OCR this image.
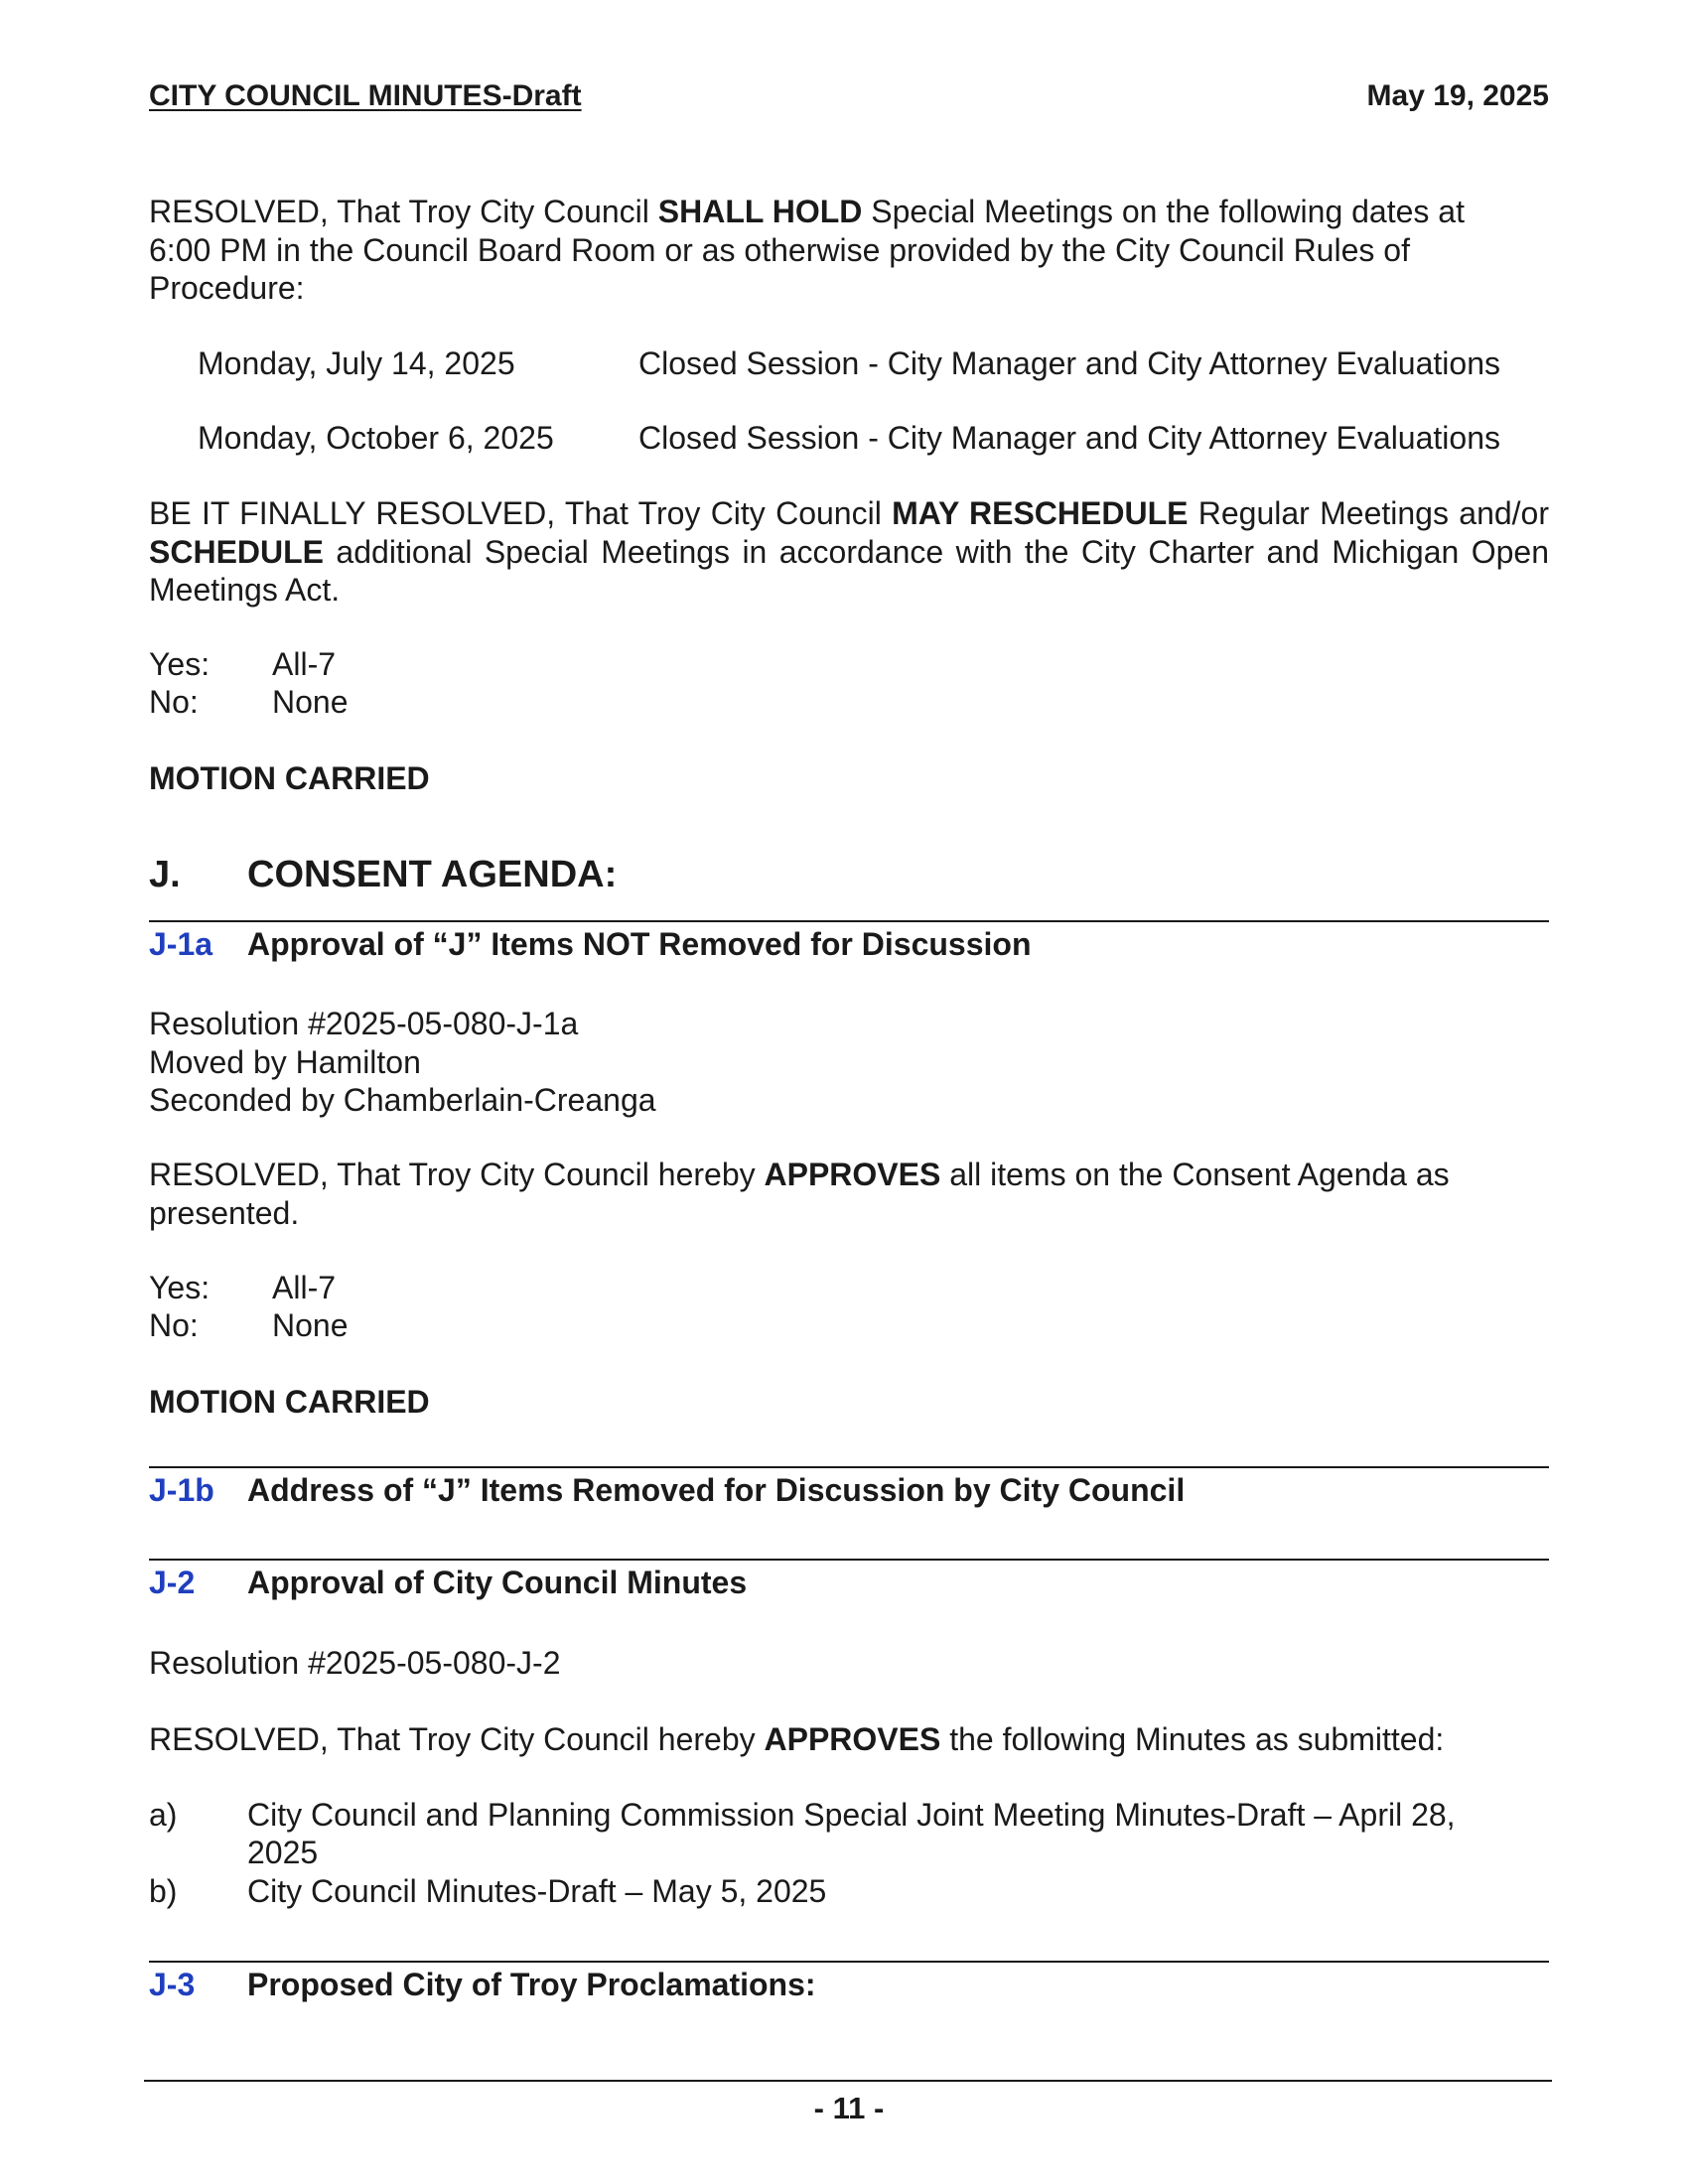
CITY COUNCIL MINUTES-Draft	May 19, 2025
RESOLVED, That Troy City Council SHALL HOLD Special Meetings on the following dates at
6:00 PM in the Council Board Room or as otherwise provided by the City Council Rules of
Procedure:
Monday, July 14, 2025	Closed Session - City Manager and City Attorney Evaluations
Monday, October 6, 2025	Closed Session - City Manager and City Attorney Evaluations
BE IT FINALLY RESOLVED, That Troy City Council MAY RESCHEDULE Regular Meetings and/or SCHEDULE additional Special Meetings in accordance with the City Charter and Michigan Open Meetings Act.
Yes: All-7
No: None
MOTION CARRIED
J. CONSENT AGENDA:
J-1a Approval of “J” Items NOT Removed for Discussion
Resolution #2025-05-080-J-1a
Moved by Hamilton
Seconded by Chamberlain-Creanga
RESOLVED, That Troy City Council hereby APPROVES all items on the Consent Agenda as
presented.
Yes: All-7
No: None
MOTION CARRIED
J-1b Address of “J” Items Removed for Discussion by City Council
J-2 Approval of City Council Minutes
Resolution #2025-05-080-J-2
RESOLVED, That Troy City Council hereby APPROVES the following Minutes as submitted:
a) City Council and Planning Commission Special Joint Meeting Minutes-Draft – April 28,
2025
b) City Council Minutes-Draft – May 5, 2025
J-3 Proposed City of Troy Proclamations:
- 11 -
